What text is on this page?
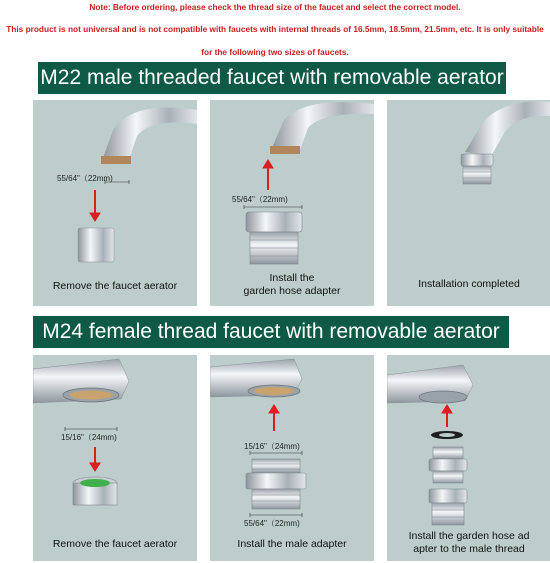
Note: Before ordering, please check the thread size of the faucet and select the correct model.
This product is not universal and is not compatible with faucets with internal threads of 16.5mm, 18.5mm, 21.5mm, etc. It is only suitable
for the following two sizes of faucets.
M22 male threaded faucet with removable aerator
55/64"（22mm)
Remove the faucet aerator
55/64"（22mm)
Install the
garden hose adapter
Installation completed
M24 female thread faucet with removable aerator
15/16"（24mm)
Remove the faucet aerator
15/16"（24mm)
55/64"（22mm)
Install the male adapter
Install the garden hose ad
apter to the male thread
